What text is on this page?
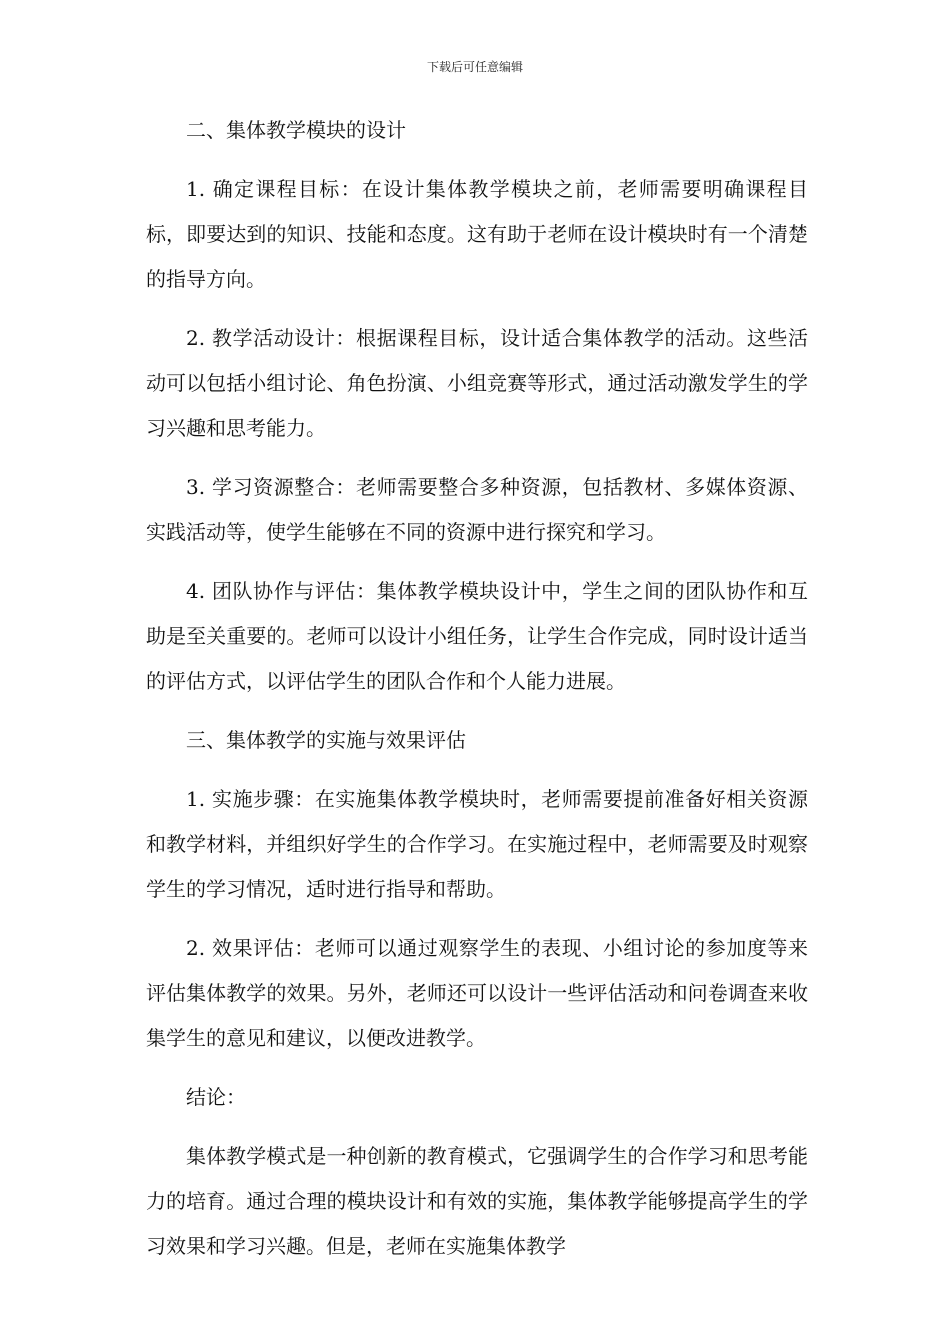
下载后可任意编辑

二、集体教学模块的设计

1. 确定课程目标：在设计集体教学模块之前，老师需要明确课程目标，即要达到的知识、技能和态度。这有助于老师在设计模块时有一个清楚的指导方向。

2. 教学活动设计：根据课程目标，设计适合集体教学的活动。这些活动可以包括小组讨论、角色扮演、小组竞赛等形式，通过活动激发学生的学习兴趣和思考能力。

3. 学习资源整合：老师需要整合多种资源，包括教材、多媒体资源、实践活动等，使学生能够在不同的资源中进行探究和学习。

4. 团队协作与评估：集体教学模块设计中，学生之间的团队协作和互助是至关重要的。老师可以设计小组任务，让学生合作完成，同时设计适当的评估方式，以评估学生的团队合作和个人能力进展。

三、集体教学的实施与效果评估

1. 实施步骤：在实施集体教学模块时，老师需要提前准备好相关资源和教学材料，并组织好学生的合作学习。在实施过程中，老师需要及时观察学生的学习情况，适时进行指导和帮助。

2. 效果评估：老师可以通过观察学生的表现、小组讨论的参加度等来评估集体教学的效果。另外，老师还可以设计一些评估活动和问卷调查来收集学生的意见和建议，以便改进教学。

结论：

集体教学模式是一种创新的教育模式，它强调学生的合作学习和思考能力的培育。通过合理的模块设计和有效的实施，集体教学能够提高学生的学习效果和学习兴趣。但是，老师在实施集体教学
